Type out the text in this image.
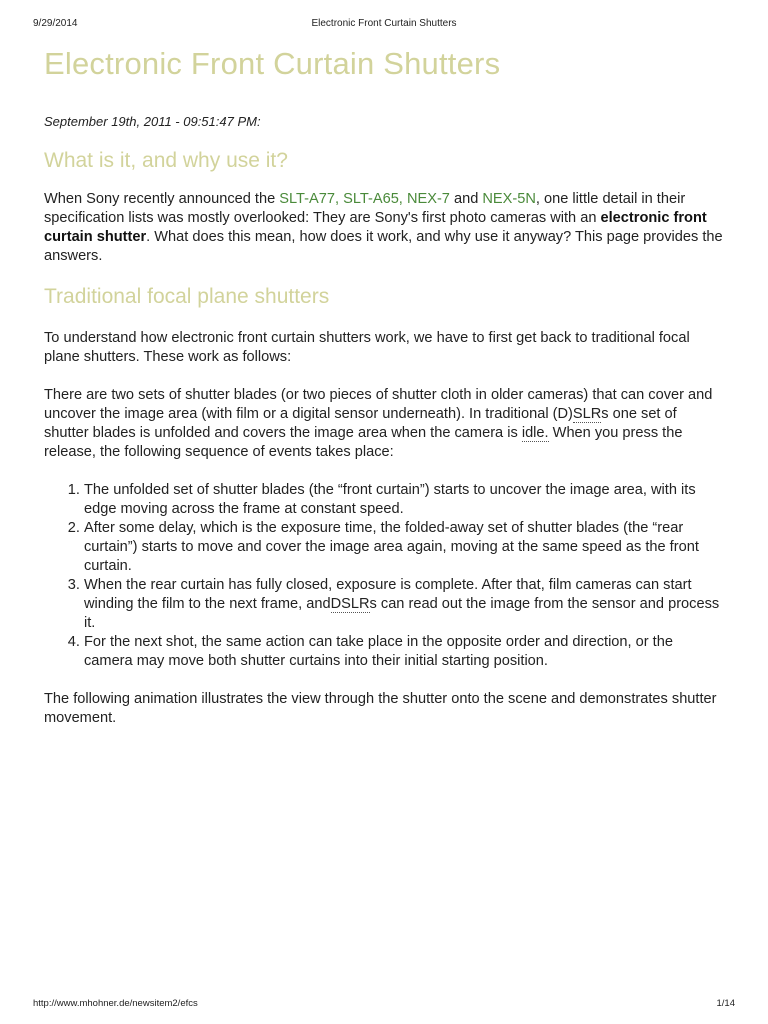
9/29/2014	Electronic Front Curtain Shutters
Electronic Front Curtain Shutters
September 19th, 2011 - 09:51:47 PM:
What is it, and why use it?

When Sony recently announced the SLT-A77, SLT-A65, NEX-7 and NEX-5N, one little detail in their specification lists was mostly overlooked: They are Sony's first photo cameras with an electronic front curtain shutter. What does this mean, how does it work, and why use it anyway? This page provides the answers.

Traditional focal plane shutters

To understand how electronic front curtain shutters work, we have to first get back to traditional focal plane shutters. These work as follows:

There are two sets of shutter blades (or two pieces of shutter cloth in older cameras) that can cover and uncover the image area (with film or a digital sensor underneath). In traditional (D)SLRs one set of shutter blades is unfolded and covers the image area when the camera is idle. When you press the release, the following sequence of events takes place:

1. The unfolded set of shutter blades (the “front curtain”) starts to uncover the image area, with its edge moving across the frame at constant speed.
2. After some delay, which is the exposure time, the folded-away set of shutter blades (the “rear curtain”) starts to move and cover the image area again, moving at the same speed as the front curtain.
3. When the rear curtain has fully closed, exposure is complete. After that, film cameras can start winding the film to the next frame, andDSLRs can read out the image from the sensor and process it.
4. For the next shot, the same action can take place in the opposite order and direction, or the camera may move both shutter curtains into their initial starting position.

The following animation illustrates the view through the shutter onto the scene and demonstrates shutter movement.

http://www.mhohner.de/newsitem2/efcs	1/14
